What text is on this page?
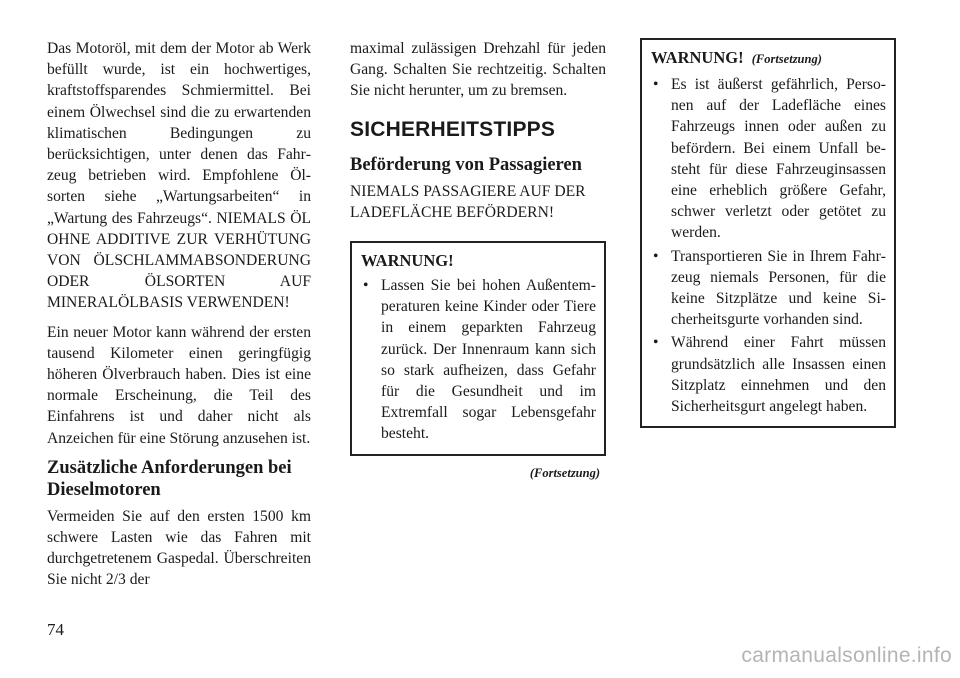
Das Motoröl, mit dem der Motor ab Werk befüllt wurde, ist ein hochwertiges, kraftstoffsparendes Schmiermittel. Bei einem Ölwechsel sind die zu erwartenden klimatischen Bedingungen zu berücksichtigen, unter denen das Fahrzeug betrieben wird. Empfohlene Ölsorten siehe „Wartungsarbeiten“ in „Wartung des Fahrzeugs“. NIEMALS ÖL OHNE ADDITIVE ZUR VERHÜTUNG VON ÖLSCHLAMMABSONDERUNG ODER ÖLSORTEN AUF MINERALÖLBASIS VERWENDEN!

Ein neuer Motor kann während der ersten tausend Kilometer einen geringfügig höheren Ölverbrauch haben. Dies ist eine normale Erscheinung, die Teil des Einfahrens ist und daher nicht als Anzeichen für eine Störung anzusehen ist.

Zusätzliche Anforderungen bei Dieselmotoren

Vermeiden Sie auf den ersten 1500 km schwere Lasten wie das Fahren mit durchgetretenem Gaspedal. Überschreiten Sie nicht 2/3 der

maximal zulässigen Drehzahl für jeden Gang. Schalten Sie rechtzeitig. Schalten Sie nicht herunter, um zu bremsen.

SICHERHEITSTIPPS
Beförderung von Passagieren

NIEMALS PASSAGIERE AUF DER LADEFLÄCHE BEFÖRDERN!

WARNUNG!
• Lassen Sie bei hohen Außentemperaturen keine Kinder oder Tiere in einem geparkten Fahrzeug zurück. Der Innenraum kann sich so stark aufheizen, dass Gefahr für die Gesundheit und im Extremfall sogar Lebensgefahr besteht.
(Fortsetzung)
WARNUNG! (Fortsetzung)
• Es ist äußerst gefährlich, Personen auf der Ladefläche eines Fahrzeugs innen oder außen zu befördern. Bei einem Unfall besteht für diese Fahrzeuginsassen eine erheblich größere Gefahr, schwer verletzt oder getötet zu werden.
• Transportieren Sie in Ihrem Fahrzeug niemals Personen, für die keine Sitzplätze und keine Sicherheitsgurte vorhanden sind.
• Während einer Fahrt müssen grundsätzlich alle Insassen einen Sitzplatz einnehmen und den Sicherheitsgurt angelegt haben.
74
carmanualsonline.info
